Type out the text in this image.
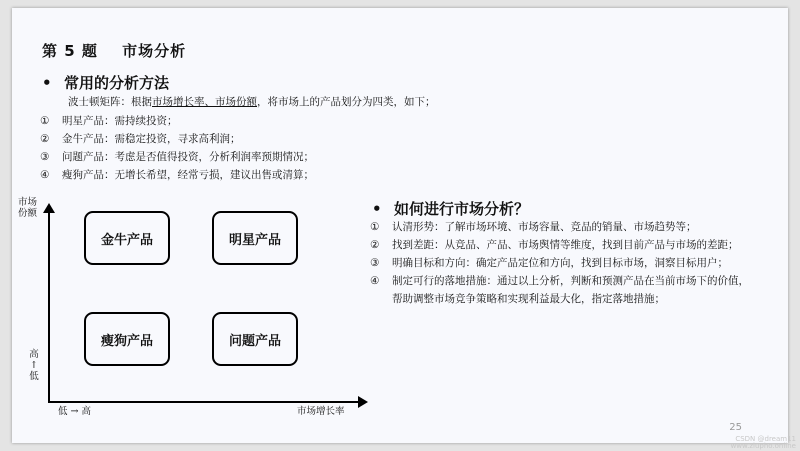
第 5 题 市场分析
• 常用的分析方法
波士顿矩阵：根据市场增长率、市场份额，将市场上的产品划分为四类，如下；
① 明星产品：需持续投资；
② 金牛产品：需稳定投资，寻求高利润；
③ 问题产品：考虑是否值得投资，分析利润率预期情况；
④ 瘦狗产品：无增长希望，经常亏损，建议出售或清算；
市场
份额
高
↑
低
低 → 高	市场增长率
金牛产品	明星产品
瘦狗产品	问题产品
• 如何进行市场分析？
① 认清形势：了解市场环境、市场容量、竞品的销量、市场趋势等；
② 找到差距：从竞品、产品、市场舆情等维度，找到目前产品与市场的差距；
③ 明确目标和方向：确定产品定位和方向，找到目标市场，洞察目标用户；
④ 制定可行的落地措施：通过以上分析，判断和预测产品在当前市场下的价值，
帮助调整市场竞争策略和实现利益最大化，指定落地措施；
25
CSDN @dream11
www.ziupho.online
